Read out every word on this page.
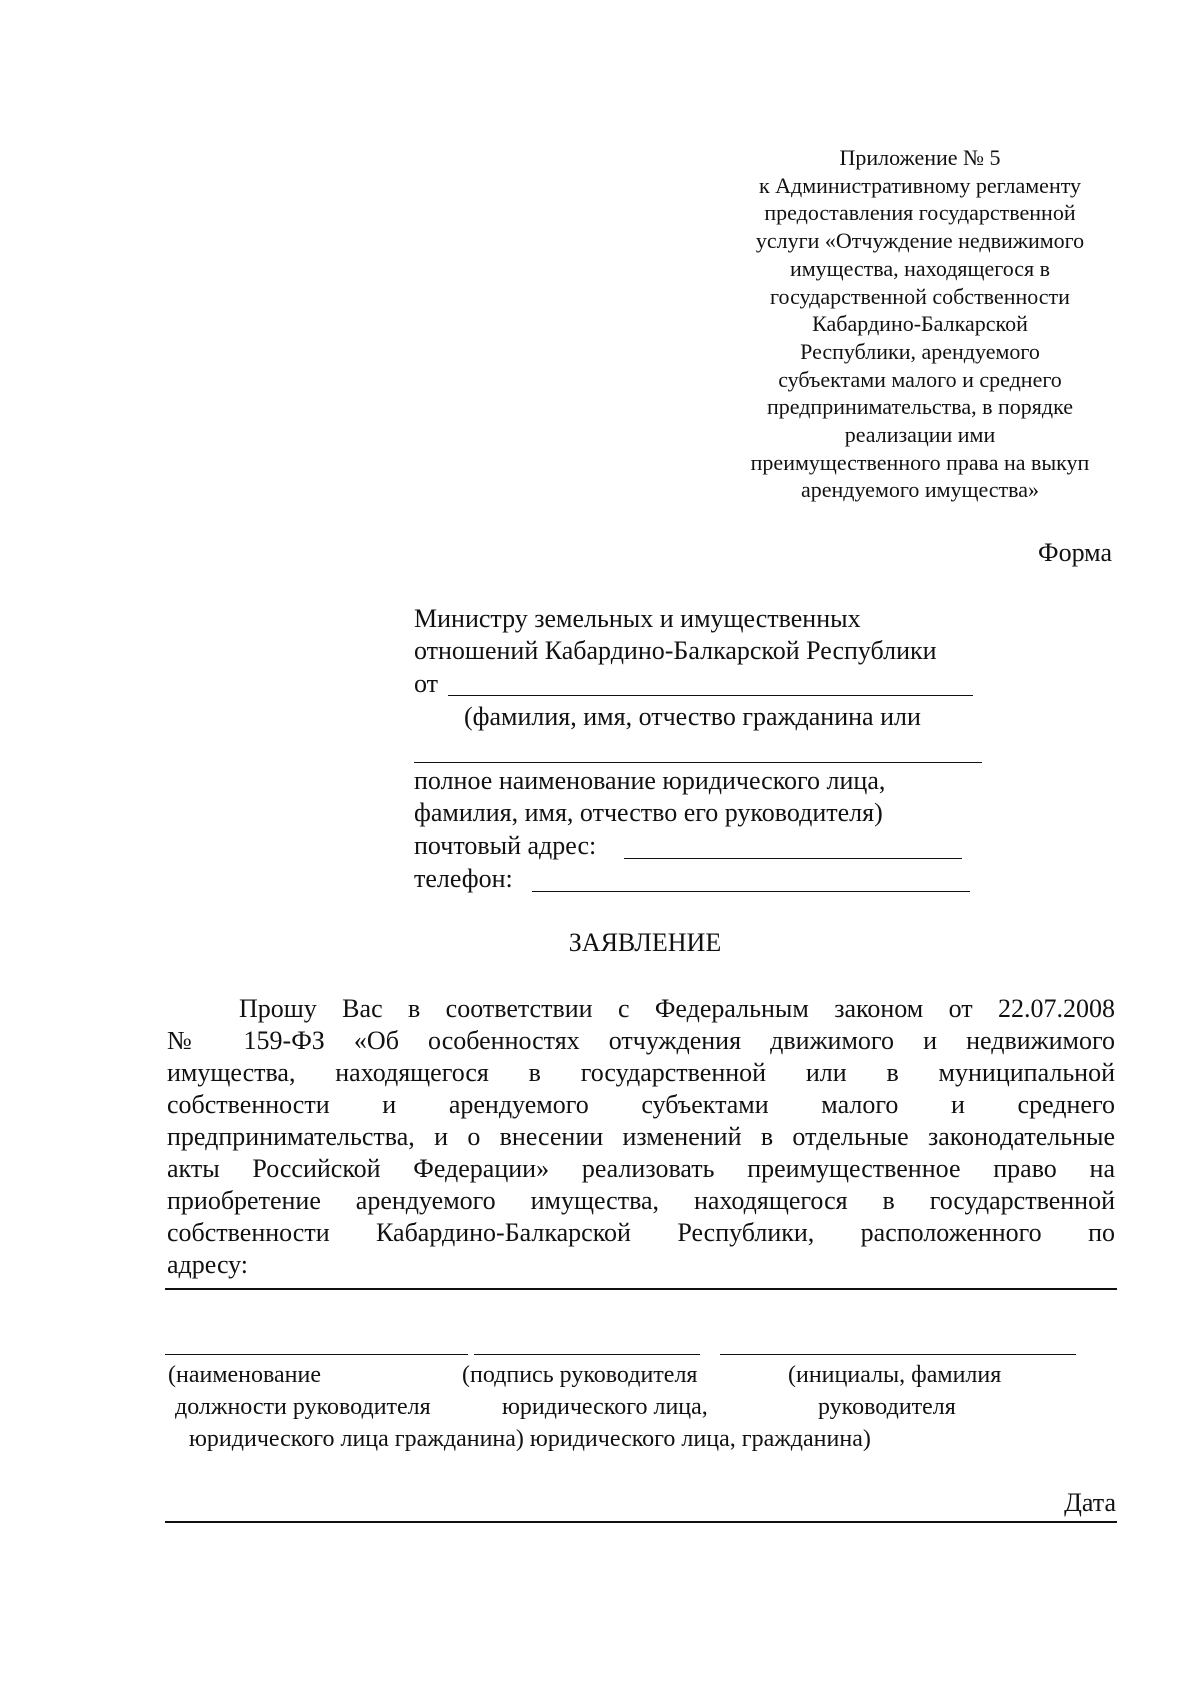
Приложение № 5
к Административному регламенту
предоставления государственной
услуги «Отчуждение недвижимого
имущества, находящегося в
государственной собственности
Кабардино-Балкарской
Республики, арендуемого
субъектами малого и среднего
предпринимательства, в порядке
реализации ими
преимущественного права на выкуп
арендуемого имущества»
Форма
Министру земельных и имущественных
отношений Кабардино-Балкарской Республики
от
(фамилия, имя, отчество гражданина или
полное наименование юридического лица,
фамилия, имя, отчество его руководителя)
почтовый адрес:
телефон:
ЗАЯВЛЕНИЕ
Прошу Вас в соответствии с Федеральным законом от 22.07.2008
№ 159-ФЗ «Об особенностях отчуждения движимого и недвижимого
имущества, находящегося в государственной или в муниципальной
собственности и арендуемого субъектами малого и среднего
предпринимательства, и о внесении изменений в отдельные законодательные
акты Российской Федерации» реализовать преимущественное право на
приобретение арендуемого имущества, находящегося в государственной
собственности Кабардино-Балкарской Республики, расположенного по
адресу:
(наименование	(подпись руководителя	(инициалы, фамилия
должности руководителя	юридического лица,	руководителя
юридического лица гражданина) юридического лица, гражданина)
Дата
